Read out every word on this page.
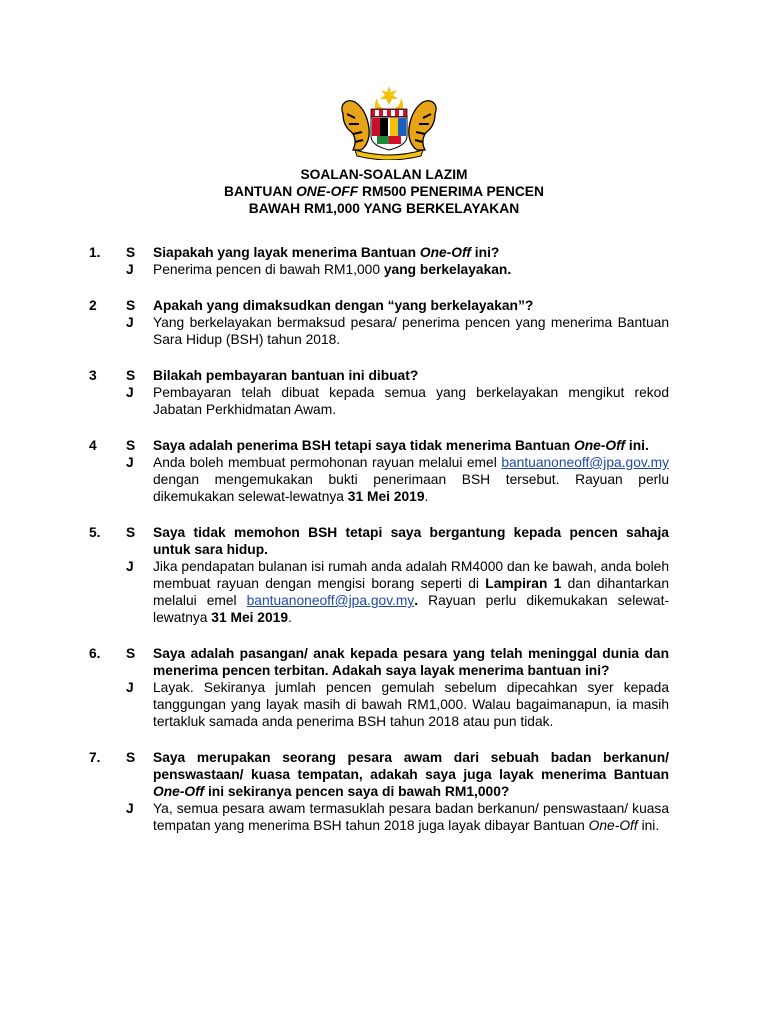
SOALAN-SOALAN LAZIM
BANTUAN ONE-OFF RM500 PENERIMA PENCEN
BAWAH RM1,000 YANG BERKELAYAKAN
1.	S	Siapakah yang layak menerima Bantuan One-Off ini?
J	Penerima pencen di bawah RM1,000 yang berkelayakan.
2	S	Apakah yang dimaksudkan dengan “yang berkelayakan”?
J	Yang berkelayakan bermaksud pesara/ penerima pencen yang menerima Bantuan Sara Hidup (BSH) tahun 2018.
3	S	Bilakah pembayaran bantuan ini dibuat?
J	Pembayaran telah dibuat kepada semua yang berkelayakan mengikut rekod Jabatan Perkhidmatan Awam.
4	S	Saya adalah penerima BSH tetapi saya tidak menerima Bantuan One-Off ini.
J	Anda boleh membuat permohonan rayuan melalui emel bantuanoneoff@jpa.gov.my dengan mengemukakan bukti penerimaan BSH tersebut. Rayuan perlu dikemukakan selewat-lewatnya 31 Mei 2019.
5.	S	Saya tidak memohon BSH tetapi saya bergantung kepada pencen sahaja untuk sara hidup.
J	Jika pendapatan bulanan isi rumah anda adalah RM4000 dan ke bawah, anda boleh membuat rayuan dengan mengisi borang seperti di Lampiran 1 dan dihantarkan melalui emel bantuanoneoff@jpa.gov.my. Rayuan perlu dikemukakan selewat-lewatnya 31 Mei 2019.
6.	S	Saya adalah pasangan/ anak kepada pesara yang telah meninggal dunia dan menerima pencen terbitan. Adakah saya layak menerima bantuan ini?
J	Layak. Sekiranya jumlah pencen gemulah sebelum dipecahkan syer kepada tanggungan yang layak masih di bawah RM1,000. Walau bagaimanapun, ia masih tertakluk samada anda penerima BSH tahun 2018 atau pun tidak.
7.	S	Saya merupakan seorang pesara awam dari sebuah badan berkanun/ penswastaan/ kuasa tempatan, adakah saya juga layak menerima Bantuan One-Off ini sekiranya pencen saya di bawah RM1,000?
J	Ya, semua pesara awam termasuklah pesara badan berkanun/ penswastaan/ kuasa tempatan yang menerima BSH tahun 2018 juga layak dibayar Bantuan One-Off ini.
